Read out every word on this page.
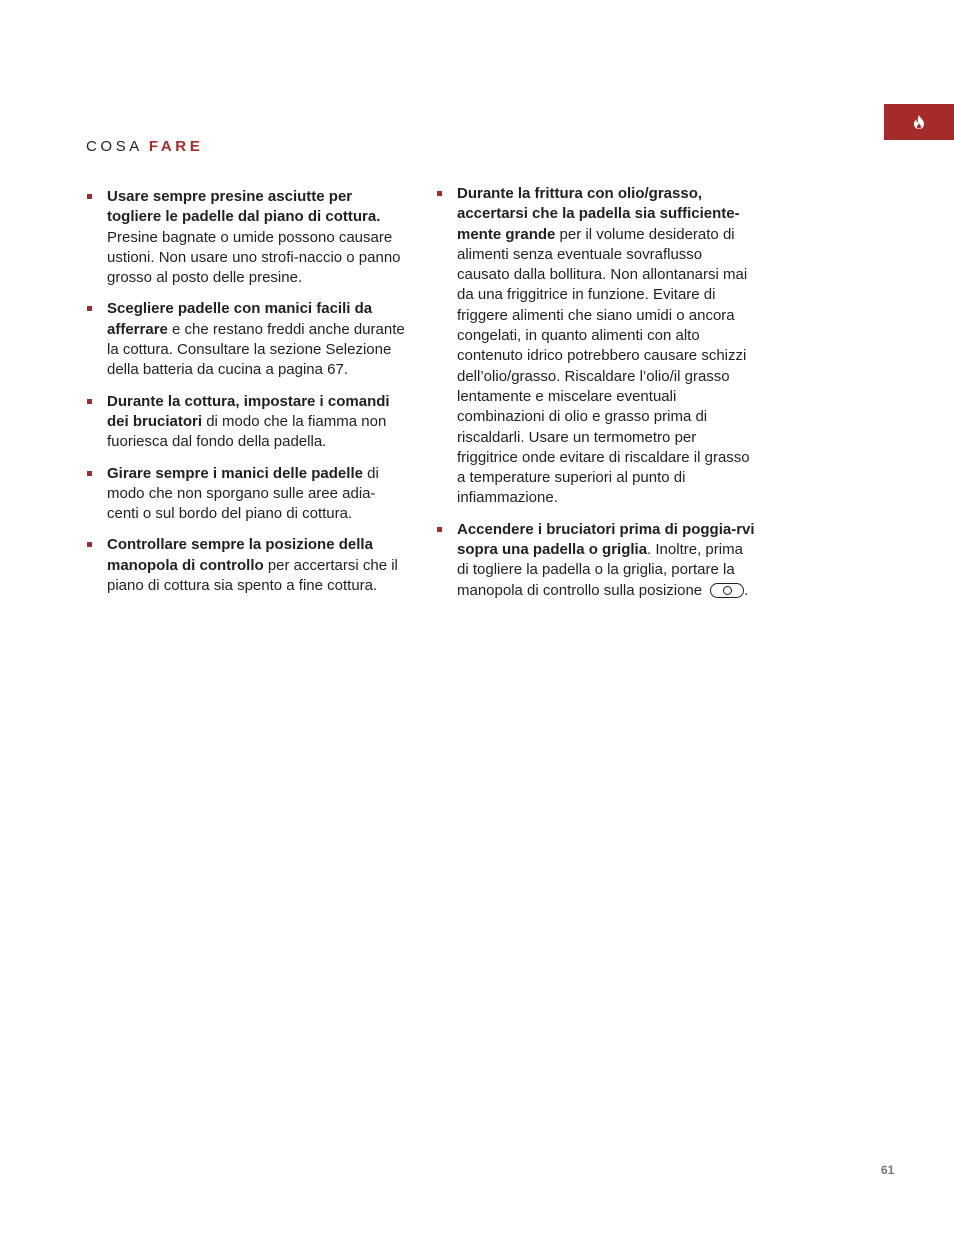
COSA FARE
Usare sempre presine asciutte per togliere le padelle dal piano di cottura. Presine bagnate o umide possono causare ustioni. Non usare uno strofi-naccio o panno grosso al posto delle presine.
Scegliere padelle con manici facili da afferrare e che restano freddi anche durante la cottura. Consultare la sezione Selezione della batteria da cucina a pagina 67.
Durante la cottura, impostare i comandi dei bruciatori di modo che la fiamma non fuoriesca dal fondo della padella.
Girare sempre i manici delle padelle di modo che non sporgano sulle aree adia-centi o sul bordo del piano di cottura.
Controllare sempre la posizione della manopola di controllo per accertarsi che il piano di cottura sia spento a fine cottura.
Durante la frittura con olio/grasso, accertarsi che la padella sia sufficiente-mente grande per il volume desiderato di alimenti senza eventuale sovraflusso causato dalla bollitura. Non allontanarsi mai da una friggitrice in funzione. Evitare di friggere alimenti che siano umidi o ancora congelati, in quanto alimenti con alto contenuto idrico potrebbero causare schizzi dell’olio/grasso. Riscaldare l’olio/il grasso lentamente e miscelare eventuali combinazioni di olio e grasso prima di riscaldarli. Usare un termometro per friggitrice onde evitare di riscaldare il grasso a temperature superiori al punto di infiammazione.
Accendere i bruciatori prima di poggia-rvi sopra una padella o griglia. Inoltre, prima di togliere la padella o la griglia, portare la manopola di controllo sulla posizione	.
61
